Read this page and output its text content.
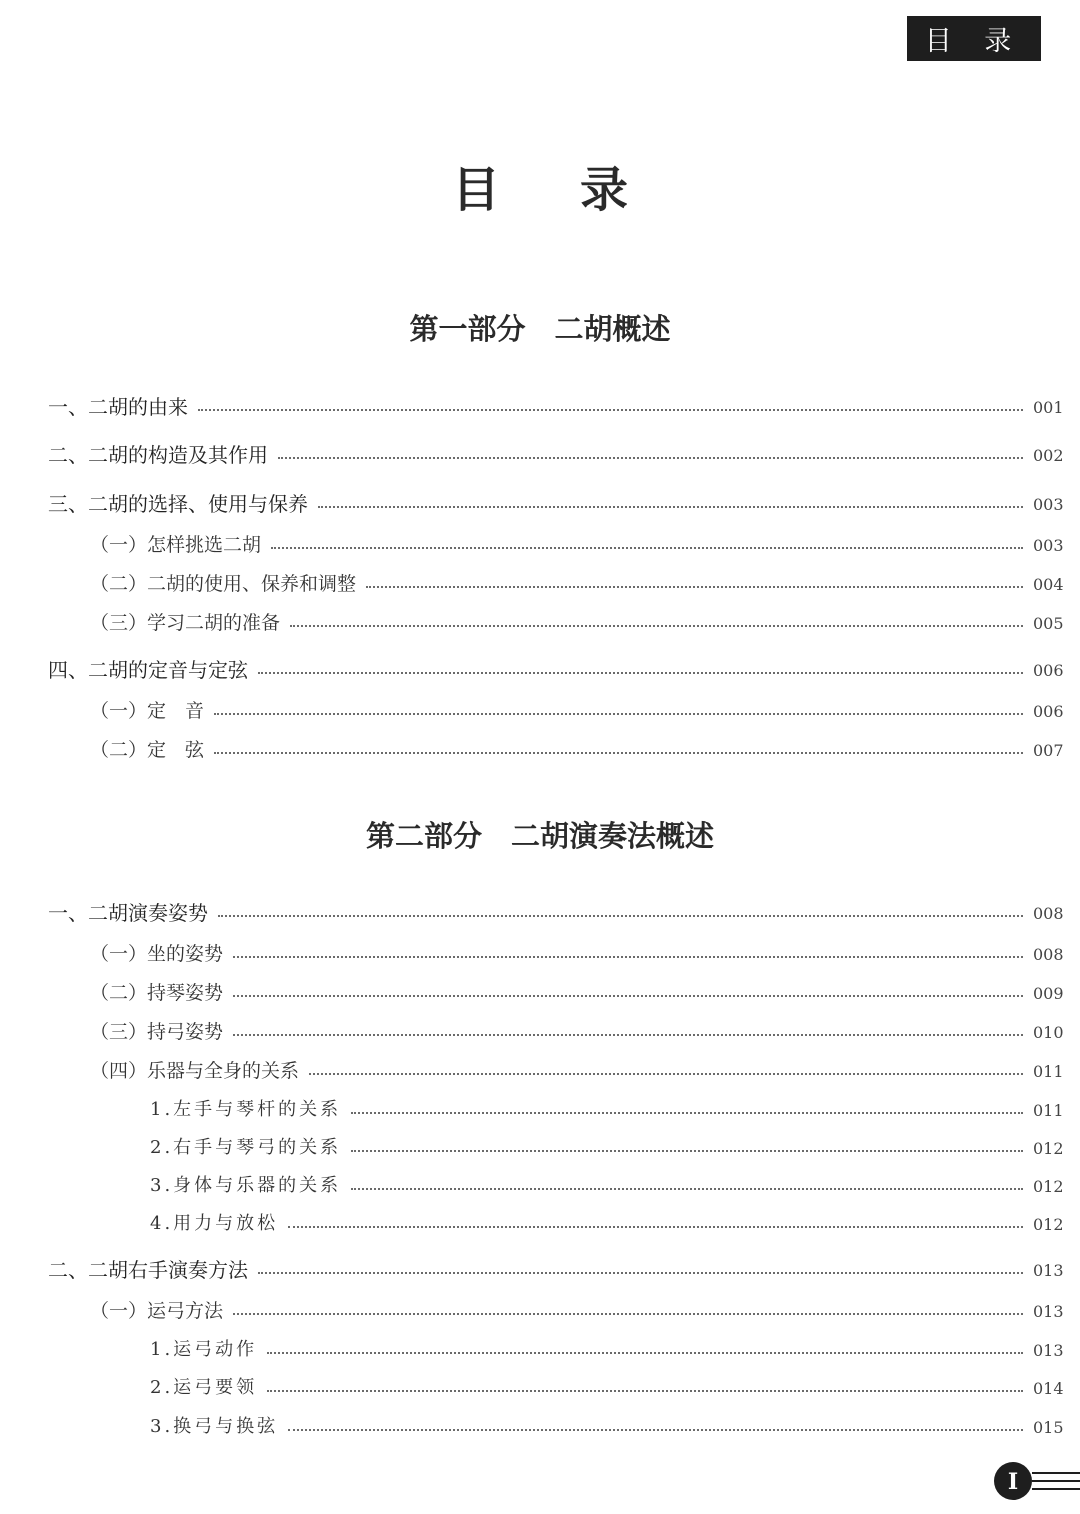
目 录
目录
第一部分　二胡概述
第二部分　二胡演奏法概述
一、二胡的由来	001
二、二胡的构造及其作用	002
三、二胡的选择、使用与保养	003
（一）怎样挑选二胡	003
（二）二胡的使用、保养和调整	004
（三）学习二胡的准备	005
四、二胡的定音与定弦	006
（一）定　音	006
（二）定　弦	007
一、二胡演奏姿势	008
（一）坐的姿势	008
（二）持琴姿势	009
（三）持弓姿势	010
（四）乐器与全身的关系	011
1.左手与琴杆的关系	011
2.右手与琴弓的关系	012
3.身体与乐器的关系	012
4.用力与放松	012
二、二胡右手演奏方法	013
（一）运弓方法	013
1.运弓动作	013
2.运弓要领	014
3.换弓与换弦	015
I
